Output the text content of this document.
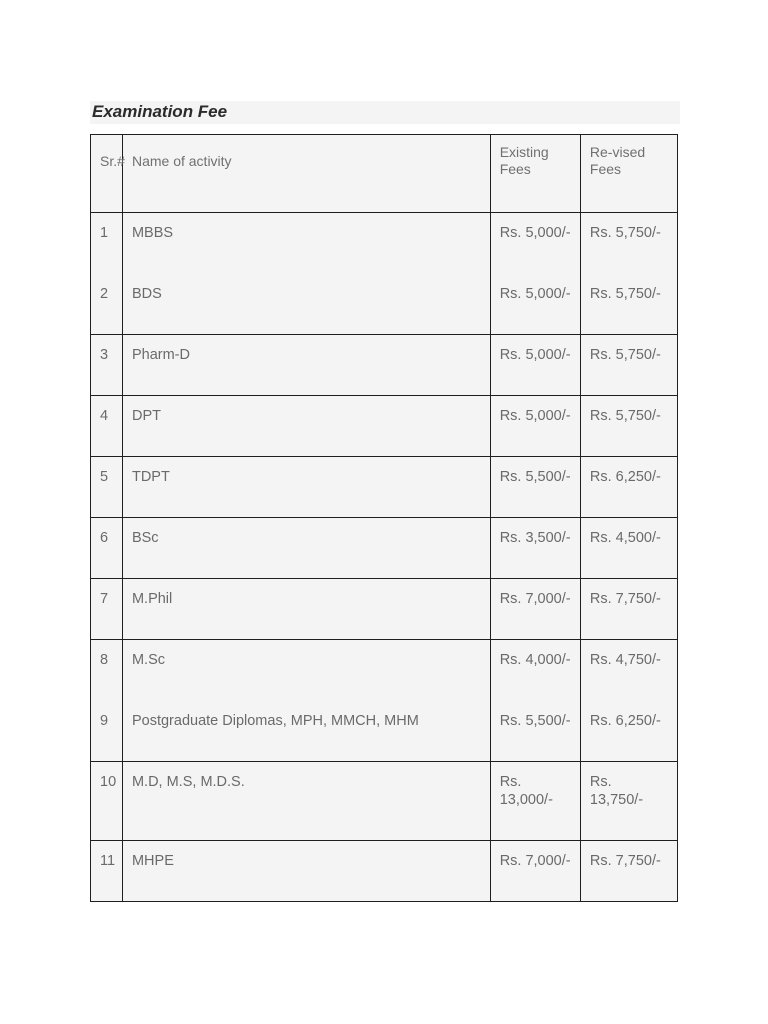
Examination Fee
Sr.#	Name of activity	Existing Fees	Re-vised Fees
1	MBBS	Rs. 5,000/-	Rs. 5,750/-
2	BDS	Rs. 5,000/-	Rs. 5,750/-
3	Pharm-D	Rs. 5,000/-	Rs. 5,750/-
4	DPT	Rs. 5,000/-	Rs. 5,750/-
5	TDPT	Rs. 5,500/-	Rs. 6,250/-
6	BSc	Rs. 3,500/-	Rs. 4,500/-
7	M.Phil	Rs. 7,000/-	Rs. 7,750/-
8	M.Sc	Rs. 4,000/-	Rs. 4,750/-
9	Postgraduate Diplomas, MPH, MMCH, MHM	Rs. 5,500/-	Rs. 6,250/-
10	M.D, M.S, M.D.S.	Rs. 13,000/-	Rs. 13,750/-
11	MHPE	Rs. 7,000/-	Rs. 7,750/-
